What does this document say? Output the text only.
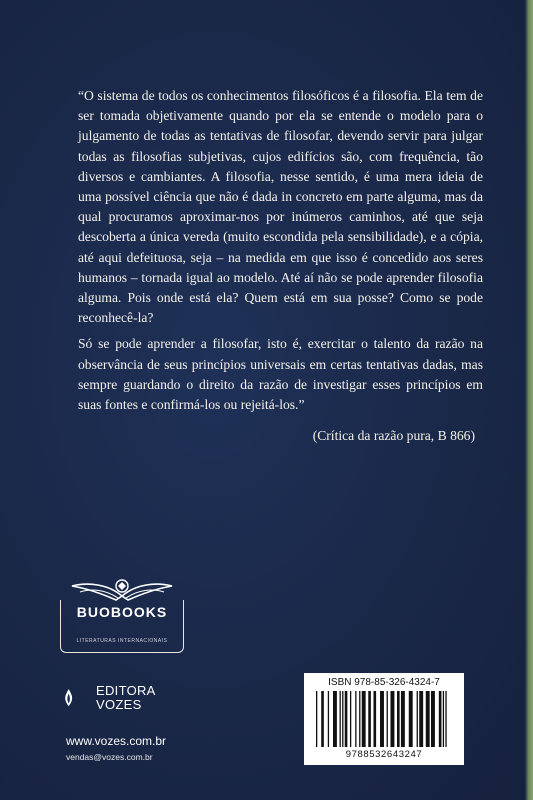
“O sistema de todos os conhecimentos filosóficos é a filosofia. Ela tem de ser tomada objetivamente quando por ela se entende o modelo para o julgamento de todas as tentativas de filosofar, devendo servir para julgar todas as filosofias subjetivas, cujos edifícios são, com frequência, tão diversos e cambiantes. A filosofia, nesse sentido, é uma mera ideia de uma possível ciência que não é dada in concreto em parte alguma, mas da qual procuramos aproximar-nos por inúmeros caminhos, até que seja descoberta a única vereda (muito escondida pela sensibilidade), e a cópia, até aqui defeituosa, seja – na medida em que isso é concedido aos seres humanos – tornada igual ao modelo. Até aí não se pode aprender filosofia alguma. Pois onde está ela? Quem está em sua posse? Como se pode reconhecê-la?

Só se pode aprender a filosofar, isto é, exercitar o talento da razão na observância de seus princípios universais em certas tentativas dadas, mas sempre guardando o direito da razão de investigar esses princípios em suas fontes e confirmá-los ou rejeitá-los.”

(Crítica da razão pura, B 866)
BUOBOOKS
LITERATURAS INTERNACIONAIS
EDITORA
VOZES
www.vozes.com.br
vendas@vozes.com.br
ISBN 978-85-326-4324-7
9788532643247
